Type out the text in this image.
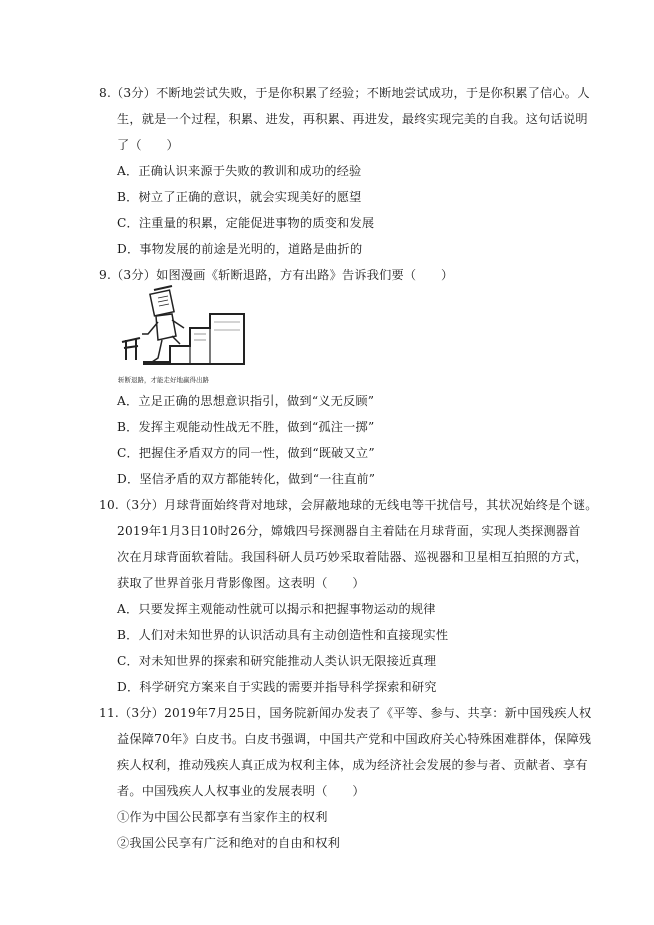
8.（3分）不断地尝试失败，于是你积累了经验；不断地尝试成功，于是你积累了信心。人
生，就是一个过程，积累、进发，再积累、再进发，最终实现完美的自我。这句话说明
了（　　）
A．正确认识来源于失败的教训和成功的经验
B．树立了正确的意识，就会实现美好的愿望
C．注重量的积累，定能促进事物的质变和发展
D．事物发展的前途是光明的，道路是曲折的
9.（3分）如图漫画《斩断退路，方有出路》告诉我们要（　　）
斩断退路，才能走好地赢得出路
A．立足正确的思想意识指引，做到“义无反顾”
B．发挥主观能动性战无不胜，做到“孤注一掷”
C．把握住矛盾双方的同一性，做到“既破又立”
D．坚信矛盾的双方都能转化，做到“一往直前”
10.（3分）月球背面始终背对地球，会屏蔽地球的无线电等干扰信号，其状况始终是个谜。
2019年1月3日10时26分，嫦娥四号探测器自主着陆在月球背面，实现人类探测器首
次在月球背面软着陆。我国科研人员巧妙采取着陆器、巡视器和卫星相互拍照的方式，
获取了世界首张月背影像图。这表明（　　）
A．只要发挥主观能动性就可以揭示和把握事物运动的规律
B．人们对未知世界的认识活动具有主动创造性和直接现实性
C．对未知世界的探索和研究能推动人类认识无限接近真理
D．科学研究方案来自于实践的需要并指导科学探索和研究
11.（3分）2019年7月25日，国务院新闻办发表了《平等、参与、共享：新中国残疾人权
益保障70年》白皮书。白皮书强调，中国共产党和中国政府关心特殊困难群体，保障残
疾人权利，推动残疾人真正成为权利主体，成为经济社会发展的参与者、贡献者、享有
者。中国残疾人人权事业的发展表明（　　）
①作为中国公民都享有当家作主的权利
②我国公民享有广泛和绝对的自由和权利
